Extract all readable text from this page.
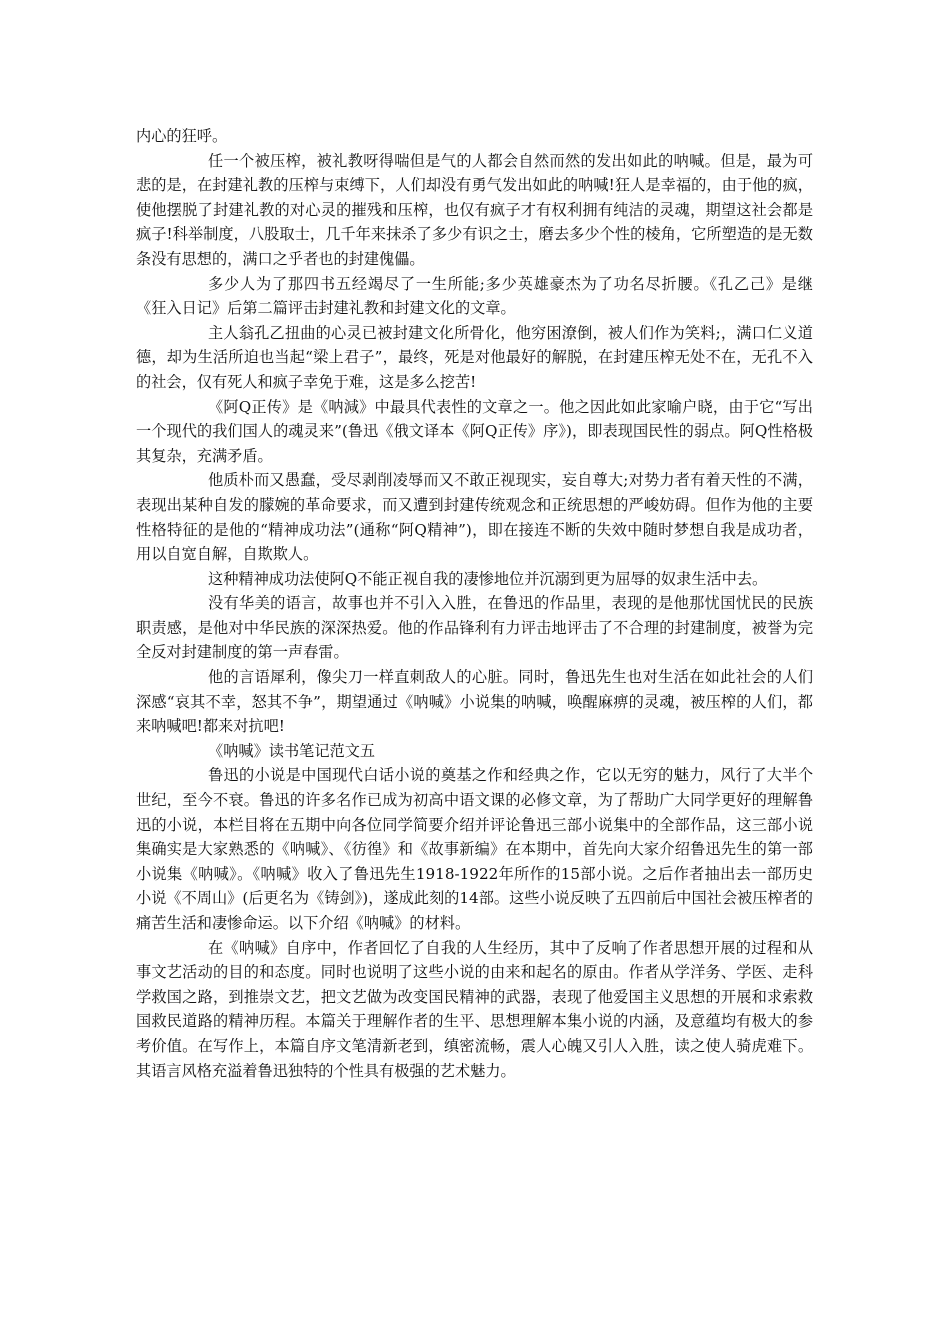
内心的狂呼。

任一个被压榨，被礼教呀得喘但是气的人都会自然而然的发出如此的呐喊。但是，最为可悲的是，在封建礼教的压榨与束缚下，人们却没有勇气发出如此的呐喊!狂人是幸福的，由于他的疯，使他摆脱了封建礼教的对心灵的摧残和压榨，也仅有疯子才有权利拥有纯洁的灵魂，期望这社会都是疯子!科举制度，八股取士，几千年来抹杀了多少有识之士，磨去多少个性的棱角，它所塑造的是无数条没有思想的，满口之乎者也的封建傀儡。

多少人为了那四书五经竭尽了一生所能;多少英雄豪杰为了功名尽折腰。《孔乙己》是继《狂入日记》后第二篇评击封建礼教和封建文化的文章。

主人翁孔乙扭曲的心灵已被封建文化所骨化，他穷困潦倒，被人们作为笑料;，满口仁义道德，却为生活所迫也当起“梁上君子”，最终，死是对他最好的解脱，在封建压榨无处不在，无孔不入的社会，仅有死人和疯子幸免于难，这是多么挖苦!

《阿Q正传》是《呐減》中最具代表性的文章之一。他之因此如此家喻户晓，由于它“写出一个现代的我们国人的魂灵来”(鲁迅《俄文译本《阿Q正传》序》)，即表现国民性的弱点。阿Q性格极其复杂，充满矛盾。

他质朴而又愚蠢，受尽剥削凌辱而又不敢正视现实，妄自尊大;对势力者有着天性的不满，表现出某种自发的朦婉的革命要求，而又遭到封建传统观念和正统思想的严峻妨碍。但作为他的主要性格特征的是他的“精神成功法”(通称“阿Q精神”)，即在接连不断的失效中随时梦想自我是成功者，用以自宽自解，自欺欺人。

这种精神成功法使阿Q不能正视自我的凄惨地位并沉溺到更为屈辱的奴隶生活中去。

没有华美的语言，故事也并不引入入胜，在鲁迅的作品里，表现的是他那忧国忧民的民族职责感，是他对中华民族的深深热爱。他的作品锋利有力评击地评击了不合理的封建制度，被誉为完全反对封建制度的第一声春雷。

他的言语犀利，像尖刀一样直刺敌人的心脏。同时，鲁迅先生也对生活在如此社会的人们深感“哀其不幸，怒其不争”，期望通过《呐喊》小说集的呐喊，唤醒麻痹的灵魂，被压榨的人们，都来呐喊吧!都来对抗吧!

《呐喊》读书笔记范文五

鲁迅的小说是中国现代白话小说的奠基之作和经典之作，它以无穷的魅力，风行了大半个世纪，至今不衰。鲁迅的许多名作已成为初高中语文课的必修文章，为了帮助广大同学更好的理解鲁迅的小说，本栏目将在五期中向各位同学简要介绍并评论鲁迅三部小说集中的全部作品，这三部小说集确实是大家熟悉的《呐喊》、《彷徨》和《故事新编》在本期中，首先向大家介绍鲁迅先生的第一部小说集《呐喊》。《呐喊》收入了鲁迅先生1918-1922年所作的15部小说。之后作者抽出去一部历史小说《不周山》(后更名为《铸剑》)，遂成此刻的14部。这些小说反映了五四前后中国社会被压榨者的痛苦生活和凄惨命运。以下介绍《呐喊》的材料。

在《呐喊》自序中，作者回忆了自我的人生经历，其中了反响了作者思想开展的过程和从事文艺活动的目的和态度。同时也说明了这些小说的由来和起名的原由。作者从学洋务、学医、走科学救国之路，到推崇文艺，把文艺做为改变国民精神的武器，表现了他爱国主义思想的开展和求索救国救民道路的精神历程。本篇关于理解作者的生平、思想理解本集小说的内涵，及意蕴均有极大的参考价值。在写作上，本篇自序文笔清新老到，缜密流畅，震人心魄又引人入胜，读之使人骑虎难下。其语言风格充溢着鲁迅独特的个性具有极强的艺术魅力。
